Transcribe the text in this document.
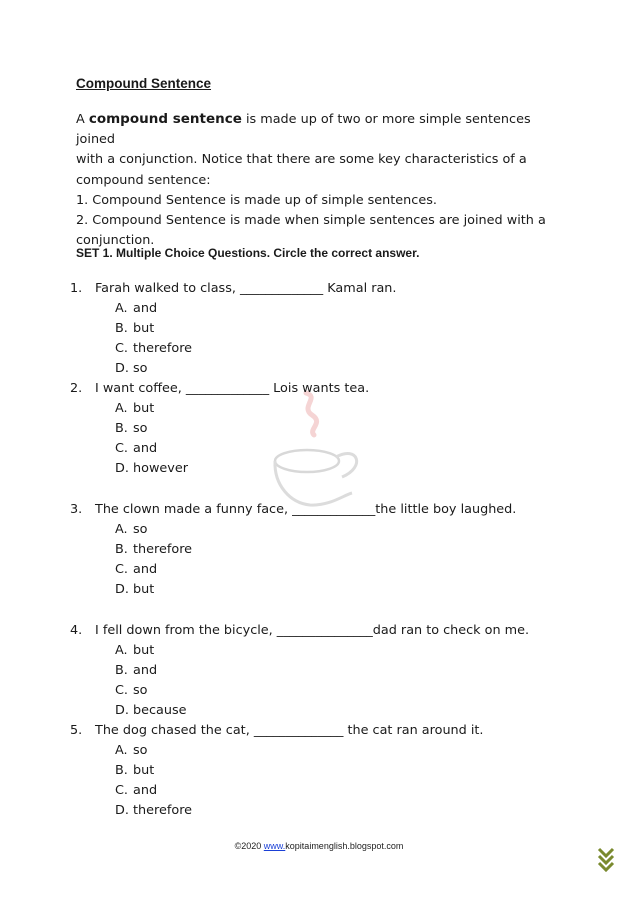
Compound Sentence

A compound sentence is made up of two or more simple sentences joined

with a conjunction. Notice that there are some key characteristics of a

compound sentence:

1. Compound Sentence is made up of simple sentences.

2. Compound Sentence is made when simple sentences are joined with a

conjunction.

SET 1. Multiple Choice Questions. Circle the correct answer.

1. Farah walked to class, _____________ Kamal ran.
A. and
B. but
C. therefore
D. so
2. I want coffee, _____________ Lois wants tea.
A. but
B. so
C. and
D. however
3. The clown made a funny face, _____________the little boy laughed.
A. so
B. therefore
C. and
D. but
4. I fell down from the bicycle, _______________dad ran to check on me.
A. but
B. and
C. so
D. because
5. The dog chased the cat, ______________ the cat ran around it.
A. so
B. but
C. and
D. therefore
©2020 www.kopitaimenglish.blogspot.com
